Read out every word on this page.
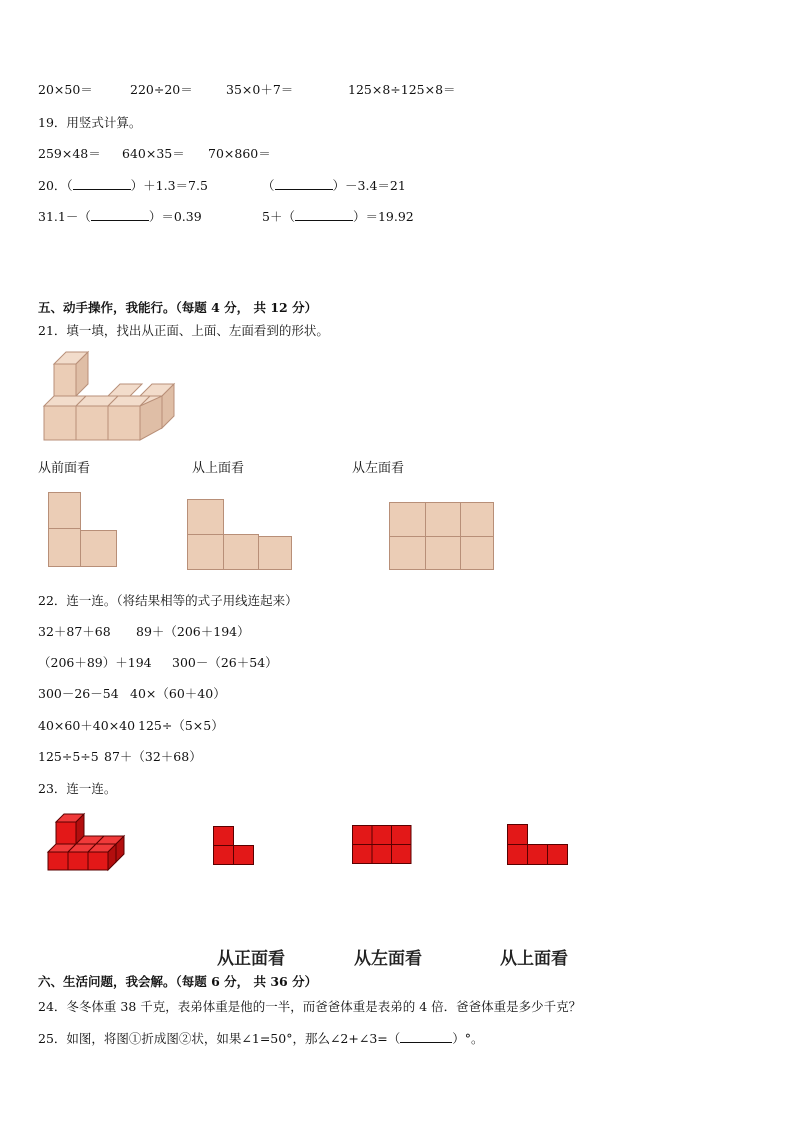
20×50＝	220÷20＝	35×0＋7＝	125×8÷125×8＝
19．用竖式计算。
259×48＝ 640×35＝ 70×860＝
20．（	）＋1.3＝7.5	（	）－3.4＝21
31.1－（	）＝0.39	5＋（	）＝19.92
五、动手操作，我能行。（每题 4 分， 共 12 分）
21．填一填，找出从正面、上面、左面看到的形状。
从前面看	从上面看	从左面看
22．连一连。（将结果相等的式子用线连起来）
32＋87＋68 89＋（206＋194）
（206＋89）＋194 300－（26＋54）
300－26－54 40×（60＋40）
40×60＋40×40 125÷（5×5）
125÷5÷5 87＋（32＋68）
23．连一连。
从正面看	从左面看	从上面看
六、生活问题，我会解。（每题 6 分， 共 36 分）
24．冬冬体重 38 千克，表弟体重是他的一半，而爸爸体重是表弟的 4 倍．爸爸体重是多少千克？
25．如图，将图①折成图②状，如果∠1=50°，那么∠2+∠3=（	）°。
